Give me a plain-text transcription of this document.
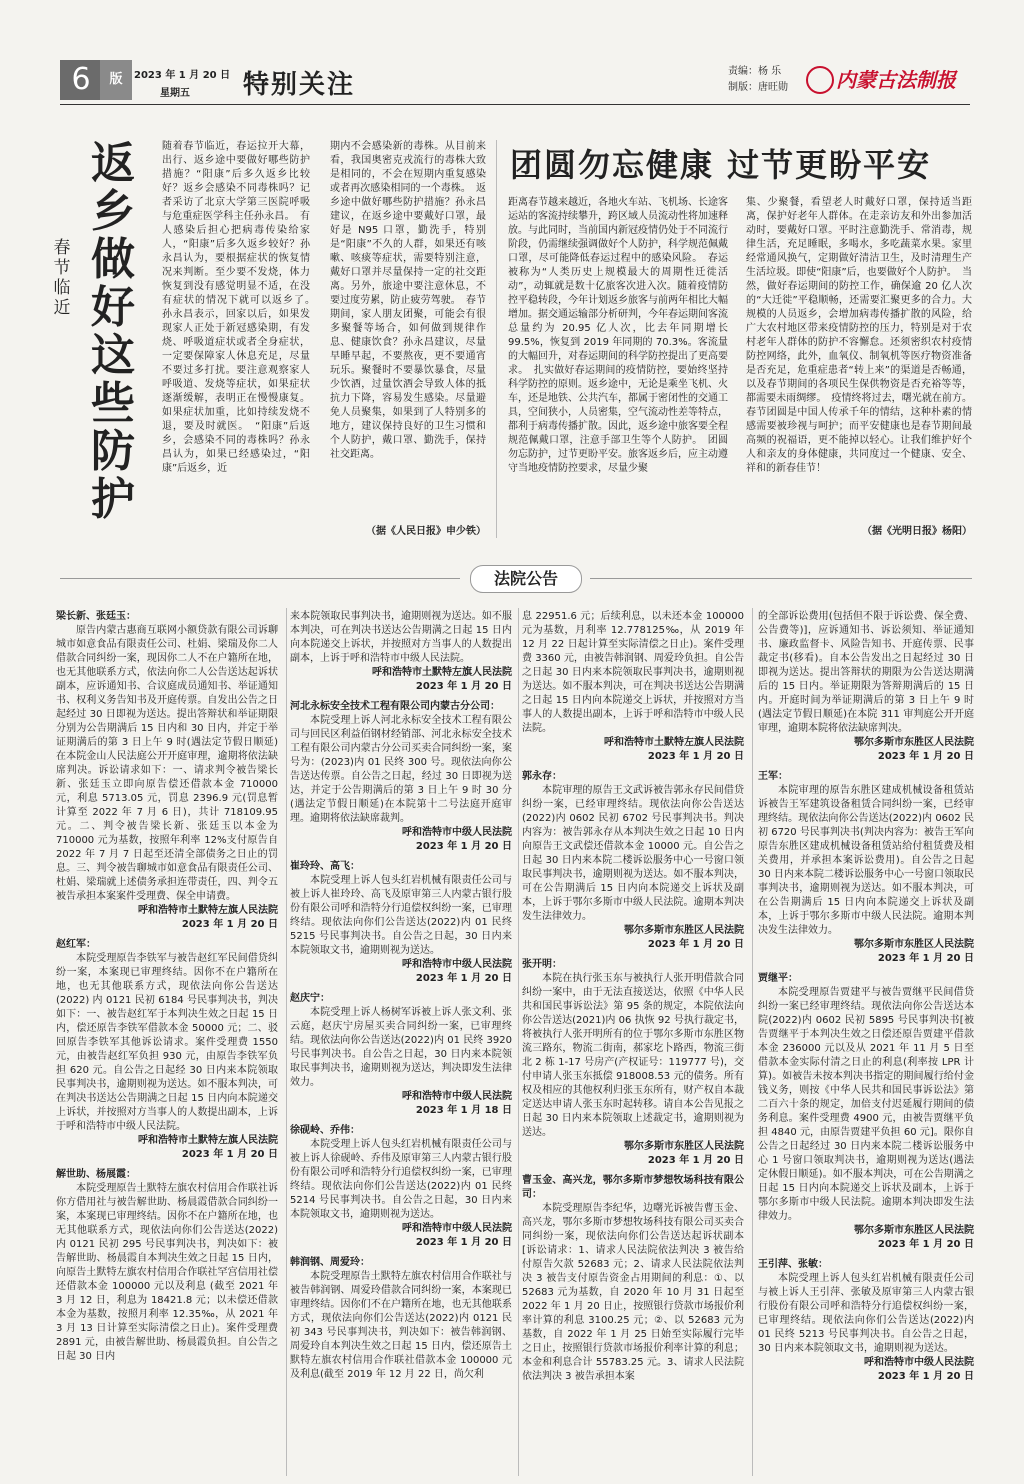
6	版	2023 年 1 月 20 日
星期五 特别关注	责编：杨 乐
制版：唐旺勋 内蒙古法制报
返乡做好这些防护
春节临近
随着春节临近，春运拉开大幕，出行、返乡途中要做好哪些防护措施？“阳康”后多久返乡比较好？返乡会感染不同毒株吗？记者采访了北京大学第三医院呼吸与危重症医学科主任孙永昌。　有人感染后担心把病毒传染给家人，“阳康”后多久返乡较好？孙永昌认为，要根据症状的恢复情况来判断。至少要不发烧，体力恢复到没有感觉明显不适，在没有症状的情况下就可以返乡了。　孙永昌表示，回家以后，如果发现家人正处于新冠感染期，有发烧、呼吸道症状或者全身症状，一定要保障家人休息充足，尽量不要过多打扰。要注意观察家人呼吸道、发烧等症状，如果症状逐渐缓解，表明正在慢慢康复。如果症状加重，比如持续发烧不退，要及时就医。　“阳康”后返乡，会感染不同的毒株吗？孙永昌认为，如果已经感染过，“阳康”后返乡，近
期内不会感染新的毒株。从目前来看，我国奥密克戎流行的毒株大致是相同的，不会在短期内重复感染或者再次感染相同的一个毒株。　返乡途中做好哪些防护措施？孙永昌建议，在返乡途中要戴好口罩，最好是 N95 口罩，勤洗手，特别是“阳康”不久的人群，如果还有咳嗽、咳痰等症状，需要特别注意，戴好口罩并尽量保持一定的社交距离。另外，旅途中要注意休息，不要过度劳累，防止疲劳驾驶。　春节期间，家人朋友团聚，可能会有很多聚餐等场合，如何做到规律作息、健康饮食？孙永昌建议，尽量早睡早起，不要熬夜，更不要通宵玩乐。聚餐时不要暴饮暴食，尽量少饮酒，过量饮酒会导致人体的抵抗力下降，容易发生感染。尽量避免人员聚集，如果到了人特别多的地方，建议保持良好的卫生习惯和个人防护，戴口罩、勤洗手，保持社交距离。
（据《人民日报》申少铁）
团圆勿忘健康 过节更盼平安
距离春节越来越近，各地火车站、飞机场、长途客运站的客流持续攀升，跨区域人员流动性将加速释放。与此同时，当前国内新冠疫情仍处于不同流行阶段，仍需继续强调做好个人防护，科学规范佩戴口罩，尽可能降低春运过程中的感染风险。　春运被称为“人类历史上规模最大的周期性迁徙活动”，动辄就是数十亿旅客次进入次。随着疫情防控平稳转段，今年计划返乡旅客与前两年相比大幅增加。据交通运输部分析研判，今年春运期间客流总量约为 20.95 亿人次，比去年同期增长 99.5%，恢复到 2019 年同期的 70.3%。客流量的大幅回升，对春运期间的科学防控提出了更高要求。　扎实做好春运期间的疫情防控，要始终坚持科学防控的原则。返乡途中，无论是乘坐飞机、火车，还是地铁、公共汽车，都属于密闭性的交通工具，空间狭小，人员密集，空气流动性差等特点，都利于病毒传播扩散。因此，返乡途中旅客要全程规范佩戴口罩，注意手部卫生等个人防护。　团圆勿忘防护，过节更盼平安。旅客返乡后，应主动遵守当地疫情防控要求，尽量少聚
集、少聚餐，看望老人时戴好口罩，保持适当距离，保护好老年人群体。在走亲访友和外出参加活动时，要戴好口罩。平时注意勤洗手、常消毒，规律生活，充足睡眠，多喝水，多吃蔬菜水果。家里经常通风换气，定期做好清洁卫生，及时清理生产生活垃圾。即使“阳康”后，也要做好个人防护。　当然，做好春运期间的防控工作，确保逾 20 亿人次的“大迁徙”平稳顺畅，还需要汇聚更多的合力。大规模的人员返乡，会增加病毒传播扩散的风险，给广大农村地区带来疫情防控的压力，特别是对于农村老年人群体的防护不容懈怠。还须密织农村疫情防控网络，此外，血氧仪、制氧机等医疗物资准备是否充足，危重症患者“转上来”的渠道是否畅通，以及春节期间的各项民生保供物资是否充裕等等，都需要未雨绸缪。　疫情终将过去，曙光就在前方。春节团圆是中国人传承千年的情结，这种朴素的情感需要被珍视与呵护；而平安健康也是春节期间最高频的祝福语，更不能掉以轻心。让我们维护好个人和亲友的身体健康，共同度过一个健康、安全、祥和的新春佳节！
（据《光明日报》杨阳）
法院公告

梁长新、张廷玉：

原告内蒙古惠商互联网小额贷款有限公司诉聊城市如意食品有限责任公司、杜娟、梁瑞及你二人借款合同纠纷一案，现因你二人不在户籍所在地，也无其他联系方式，依法向你二人公告送达起诉状副本，应诉通知书、合议庭成员通知书、举证通知书、权利义务告知书及开庭传票。自发出公告之日起经过 30 日即视为送达。提出答辩状和举证期限分别为公告期满后 15 日内和 30 日内，并定于举证期满后的第 3 日上午 9 时(遇法定节假日顺延)在本院金山人民法庭公开开庭审理，逾期将依法缺席判决。诉讼请求如下：一、请求判令被告梁长新、张廷玉立即向原告偿还借款本金 710000 元，利息 5713.05 元，罚息 2396.9 元(罚息暂计算至 2022 年 7 月 6 日)，共计 718109.95 元。二、判令被告梁长新、张廷玉以本金为 710000 元为基数，按照年利率 12%支付原告自 2022 年 7 月 7 日起至还清全部债务之日止的罚息。三、判令被告聊城市如意食品有限责任公司、杜娟、梁瑞就上述债务承担连带责任，四、判令五被告承担本案案件受理费、保全申请费。

呼和浩特市土默特左旗人民法院

2023 年 1 月 20 日

赵红军：

本院受理原告李铁军与被告赵红军民间借贷纠纷一案，本案现已审理终结。因你不在户籍所在地，也无其他联系方式，现依法向你公告送达 (2022) 内 0121 民初 6184 号民事判决书，判决如下：一、被告赵红军于本判决生效之日起 15 日内，偿还原告李铁军借款本金 50000 元；二、驳回原告李铁军其他诉讼请求。案件受理费 1550 元，由被告赵红军负担 930 元，由原告李铁军负担 620 元。自公告之日起经 30 日内来本院领取民事判决书，逾期则视为送达。如不服本判决，可在判决书送达公告期满之日起 15 日内向本院递交上诉状，并按照对方当事人的人数提出副本，上诉于呼和浩特市中级人民法院。

呼和浩特市土默特左旗人民法院

2023 年 1 月 20 日

解世助、杨展霞：

本院受理原告土默特左旗农村信用合作联社诉你方借用社与被告解世助、杨晨霞借款合同纠纷一案，本案现已审理终结。因你不在户籍所在地，也无其他联系方式，现依法向你们公告送达(2022)内 0121 民初 295 号民事判决书，判决如下：被告解世助、杨晨霞自本判决生效之日起 15 日内，向原告土默特左旗农村信用合作联社罕宫信用社偿还借款本金 100000 元以及利息 (截至 2021 年 3 月 12 日，利息为 18421.8 元；以未偿还借款本金为基数，按照月利率 12.35‰，从 2021 年 3 月 13 日计算至实际清偿之日止)。案件受理费 2891 元，由被告解世助、杨晨霞负担。自公告之日起 30 日内

来本院领取民事判决书，逾期则视为送达。如不服本判决，可在判决书送达公告期满之日起 15 日内向本院递交上诉状，并按照对方当事人的人数提出副本，上诉于呼和浩特市中级人民法院。

呼和浩特市土默特左旗人民法院

2023 年 1 月 20 日

河北永标安全技术工程有限公司内蒙古分公司：

本院受理上诉人河北永标安全技术工程有限公司与回民区利益佰钢材经销部、河北永标安全技术工程有限公司内蒙古分公司买卖合同纠纷一案，案号为：(2023)内 01 民终 300 号。现依法向你公告送达传票。自公告之日起，经过 30 日即视为送达，并定于公告期满后的第 3 日上午 9 时 30 分(遇法定节假日顺延)在本院第十二号法庭开庭审理。逾期将依法缺席裁判。

呼和浩特市中级人民法院

2023 年 1 月 20 日

崔玲玲、高飞：

本院受理上诉人包头红岩机械有限责任公司与被上诉人崔玲玲、高飞及原审第三人内蒙古银行股份有限公司呼和浩特分行追偿权纠纷一案，已审理终结。现依法向你们公告送达(2022)内 01 民终 5215 号民事判决书。自公告之日起，30 日内来本院领取文书，逾期则视为送达。

呼和浩特市中级人民法院

2023 年 1 月 20 日

赵庆宁：

本院受理上诉人杨树军诉被上诉人张文利、张云庭，赵庆宁房屋买卖合同纠纷一案，已审理终结。现依法向你公告送达(2022)内 01 民终 3920 号民事判决书。自公告之日起，30 日内来本院领取民事判决书，逾期则视为送达，判决即发生法律效力。

呼和浩特市中级人民法院

2023 年 1 月 18 日

徐砚岭、乔伟：

本院受理上诉人包头红岩机械有限责任公司与被上诉人徐砚岭、乔伟及原审第三人内蒙古银行股份有限公司呼和浩特分行追偿权纠纷一案，已审理终结。现依法向你们公告送达(2022)内 01 民终 5214 号民事判决书。自公告之日起，30 日内来本院领取文书，逾期则视为送达。

呼和浩特市中级人民法院

2023 年 1 月 20 日

韩润钢、周爱玲：

本院受理原告土默特左旗农村信用合作联社与被告韩润钢、周爱玲借款合同纠纷一案，本案现已审理终结。因你们不在户籍所在地，也无其他联系方式，现依法向你们公告送达(2022)内 0121 民初 343 号民事判决书，判决如下：被告韩润钢、周爱玲自本判决生效之日起 15 日内，偿还原告土默特左旗农村信用合作联社借款本金 100000 元及利息(截至 2019 年 12 月 22 日，尚欠利

息 22951.6 元；后续利息，以未还本金 100000 元为基数，月利率 12.778125‰，从 2019 年 12 月 22 日起计算至实际清偿之日止)。案件受理费 3360 元，由被告韩润钢、周爱玲负担。自公告之日起 30 日内来本院领取民事判决书，逾期则视为送达。如不服本判决，可在判决书送达公告期满之日起 15 日内向本院递交上诉状，并按照对方当事人的人数提出副本，上诉于呼和浩特市中级人民法院。

呼和浩特市土默特左旗人民法院

2023 年 1 月 20 日

郭永存：

本院审理的原告王文武诉被告郭永存民间借贷纠纷一案，已经审理终结。现依法向你公告送达(2022)内 0602 民初 6702 号民事判决书。判决内容为：被告郭永存从本判决生效之日起 10 日内向原告王文武偿还借款本金 10000 元。自公告之日起 30 日内来本院二楼诉讼服务中心一号窗口领取民事判决书，逾期则视为送达。如不服本判决，可在公告期满后 15 日内向本院递交上诉状及副本，上诉于鄂尔多斯市中级人民法院。逾期本判决发生法律效力。

鄂尔多斯市东胜区人民法院

2023 年 1 月 20 日

张开明：

本院在执行张玉东与被执行人张开明借款合同纠纷一案中，由于无法直接送达，依照《中华人民共和国民事诉讼法》第 95 条的规定，本院依法向你公告送达(2021)内 06 执恢 92 号执行裁定书，将被执行人张开明所有的位于鄂尔多斯市东胜区物流三路东，物流二街南，郝家圪卜路西，物流三街北 2 栋 1-17 号房产(产权证号：119777 号)，交付申请人张玉东抵偿 918008.53 元的债务。所有权及相应的其他权利归张玉东所有，财产权自本裁定送达申请人张玉东时起转移。请自本公告见报之日起 30 日内来本院领取上述裁定书，逾期则视为送达。

鄂尔多斯市东胜区人民法院

2023 年 1 月 20 日

曹玉金、高兴龙，鄂尔多斯市梦想牧场科技有限公司：

本院受理原告李纪华，边曙光诉被告曹玉金、高兴龙，鄂尔多斯市梦想牧场科技有限公司买卖合同纠纷一案，现依法向你们公告送达起诉状副本[诉讼请求：1、请求人民法院依法判决 3 被告给付原告欠款 52683 元；2、请求人民法院依法判决 3 被告支付原告资金占用期间的利息：①、以 52683 元为基数，自 2020 年 10 月 31 日起至 2022 年 1 月 20 日止，按照银行贷款市场报价利率计算的利息 3100.25 元；②、以 52683 元为基数，自 2022 年 1 月 25 日始至实际履行完毕之日止，按照银行贷款市场报价利率计算的利息；本金和利息合计 55783.25 元。3、请求人民法院依法判决 3 被告承担本案

的全部诉讼费用(包括但不限于诉讼费、保全费、公告费等)]，应诉通知书、诉讼须知、举证通知书、廉政监督卡、风险告知书、开庭传票、民事裁定书(移看)。自本公告发出之日起经过 30 日即视为送达。提出答辩状的期限为公告送达期满后的 15 日内。举证期限为答辩期满后的 15 日内。开庭时间为举证期满后的第 3 日上午 9 时(遇法定节假日顺延)在本院 311 审判庭公开开庭审理，逾期本院将依法缺席判决。

鄂尔多斯市东胜区人民法院

2023 年 1 月 20 日

王军：

本院审理的原告东胜区建成机械设备租赁站诉被告王军建筑设备租赁合同纠纷一案，已经审理终结。现依法向你公告送达(2022)内 0602 民初 6720 号民事判决书(判决内容为：被告王军向原告东胜区建成机械设备租赁站给付租赁费及相关费用，并承担本案诉讼费用)。自公告之日起 30 日内来本院二楼诉讼服务中心一号窗口领取民事判决书，逾期则视为送达。如不服本判决，可在公告期满后 15 日内向本院递交上诉状及副本，上诉于鄂尔多斯市中级人民法院。逾期本判决发生法律效力。

鄂尔多斯市东胜区人民法院

2023 年 1 月 20 日

贾继平：

本院受理原告贾建平与被告贾继平民间借贷纠纷一案已经审理终结。现依法向你公告送达本院(2022)内 0602 民初 5895 号民事判决书[被告贾继平于本判决生效之日偿还原告贾建平借款本金 236000 元以及从 2021 年 11 月 5 日至借款本金实际付清之日止的利息(利率按 LPR 计算)。如被告未按本判决书指定的期间履行给付金钱义务，则按《中华人民共和国民事诉讼法》第二百六十条的规定，加倍支付迟延履行期间的债务利息。案件受理费 4900 元，由被告贾继平负担 4840 元，由原告贾建平负担 60 元]。限你自公告之日起经过 30 日内来本院二楼诉讼服务中心 1 号窗口领取判决书，逾期则视为送达(遇法定休假日顺延)。如不服本判决，可在公告期满之日起 15 日内向本院递交上诉状及副本，上诉于鄂尔多斯市中级人民法院。逾期本判决即发生法律效力。

鄂尔多斯市东胜区人民法院

2023 年 1 月 20 日

王引萍、张敏：

本院受理上诉人包头红岩机械有限责任公司与被上诉人王引萍、张敏及原审第三人内蒙古银行股份有限公司呼和浩特分行追偿权纠纷一案，已审理终结。现依法向你们公告送达(2022)内 01 民终 5213 号民事判决书。自公告之日起，30 日内来本院领取文书，逾期则视为送达。

呼和浩特市中级人民法院

2023 年 1 月 20 日
